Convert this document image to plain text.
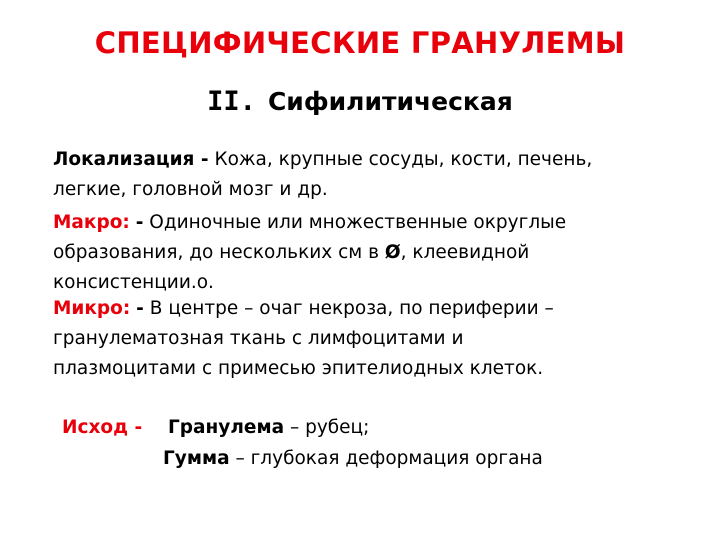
СПЕЦИФИЧЕСКИЕ ГРАНУЛЕМЫ
II. Сифилитическая
Локализация - Кожа, крупные сосуды, кости, печень,
легкие, головной мозг и др.
Макро: - Одиночные или множественные округлые
образования, до нескольких см в Ø, клеевидной
консистенции.о.
Микро: - В центре – очаг некроза, по периферии –
гранулематозная ткань с лимфоцитами и
плазмоцитами с примесью эпителиодных клеток.
Исход - Гранулема – рубец;
Гумма – глубокая деформация органа
